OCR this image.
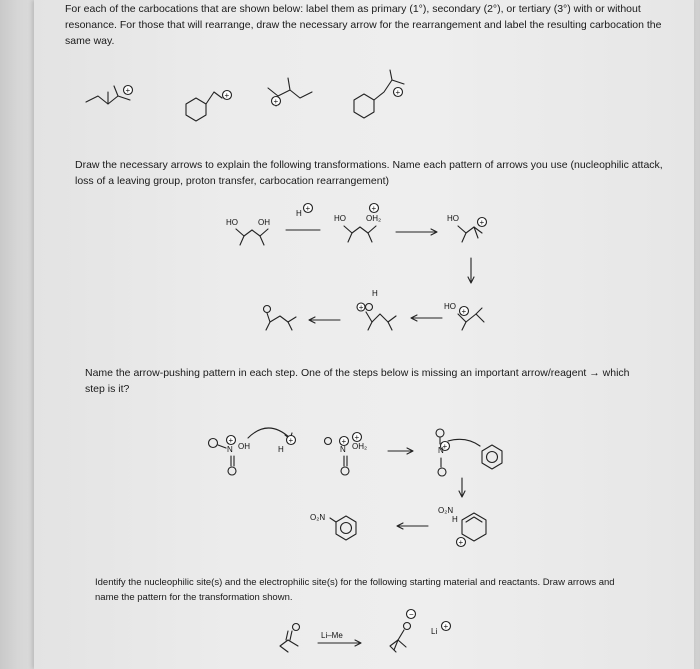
For each of the carbocations that are shown below: label them as primary (1°), secondary (2°), or tertiary (3°) with or without resonance. For those that will rearrange, draw the necessary arrow for the rearrangement and label the resulting carbocation the same way.
Draw the necessary arrows to explain the following transformations. Name each pattern of arrows you use (nucleophilic attack, loss of a leaving group, proton transfer, carbocation rearrangement)
Name the arrow-pushing pattern in each step. One of the steps below is missing an important arrow/reagent → which step is it?
Identify the nucleophilic site(s) and the electrophilic site(s) for the following starting material and reactants. Draw arrows and name the pattern for the transformation shown.
+
+
+
+
HO	OH
H
+
HO	OH₂
+
HO	+
HO
+
H
+
+
N OH	H
+	+
N OH₂
+
+
N
O₂N
H
+
O₂N
Li–Me
−
Li
+
